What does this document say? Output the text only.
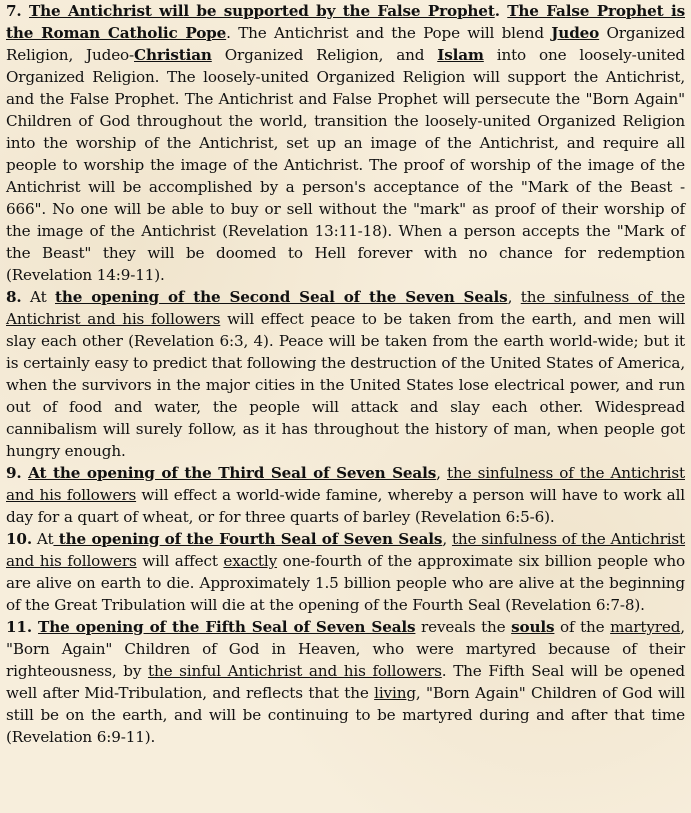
7. The Antichrist will be supported by the False Prophet. The False Prophet is the Roman Catholic Pope. The Antichrist and the Pope will blend Judeo Organized Religion, Judeo-Christian Organized Religion, and Islam into one loosely-united Organized Religion. The loosely-united Organized Religion will support the Antichrist, and the False Prophet. The Antichrist and False Prophet will persecute the "Born Again" Children of God throughout the world, transition the loosely-united Organized Religion into the worship of the Antichrist, set up an image of the Antichrist, and require all people to worship the image of the Antichrist. The proof of worship of the image of the Antichrist will be accomplished by a person's acceptance of the "Mark of the Beast - 666". No one will be able to buy or sell without the "mark" as proof of their worship of the image of the Antichrist (Revelation 13:11-18). When a person accepts the "Mark of the Beast" they will be doomed to Hell forever with no chance for redemption (Revelation 14:9-11).

8. At the opening of the Second Seal of the Seven Seals, the sinfulness of the Antichrist and his followers will effect peace to be taken from the earth, and men will slay each other (Revelation 6:3, 4). Peace will be taken from the earth world-wide; but it is certainly easy to predict that following the destruction of the United States of America, when the survivors in the major cities in the United States lose electrical power, and run out of food and water, the people will attack and slay each other. Widespread cannibalism will surely follow, as it has throughout the history of man, when people got hungry enough.

9. At the opening of the Third Seal of Seven Seals, the sinfulness of the Antichrist and his followers will effect a world-wide famine, whereby a person will have to work all day for a quart of wheat, or for three quarts of barley (Revelation 6:5-6).

10. At the opening of the Fourth Seal of Seven Seals, the sinfulness of the Antichrist and his followers will affect exactly one-fourth of the approximate six billion people who are alive on earth to die. Approximately 1.5 billion people who are alive at the beginning of the Great Tribulation will die at the opening of the Fourth Seal (Revelation 6:7-8).

11. The opening of the Fifth Seal of Seven Seals reveals the souls of the martyred, "Born Again" Children of God in Heaven, who were martyred because of their righteousness, by the sinful Antichrist and his followers. The Fifth Seal will be opened well after Mid-Tribulation, and reflects that the living, "Born Again" Children of God will still be on the earth, and will be continuing to be martyred during and after that time (Revelation 6:9-11).
